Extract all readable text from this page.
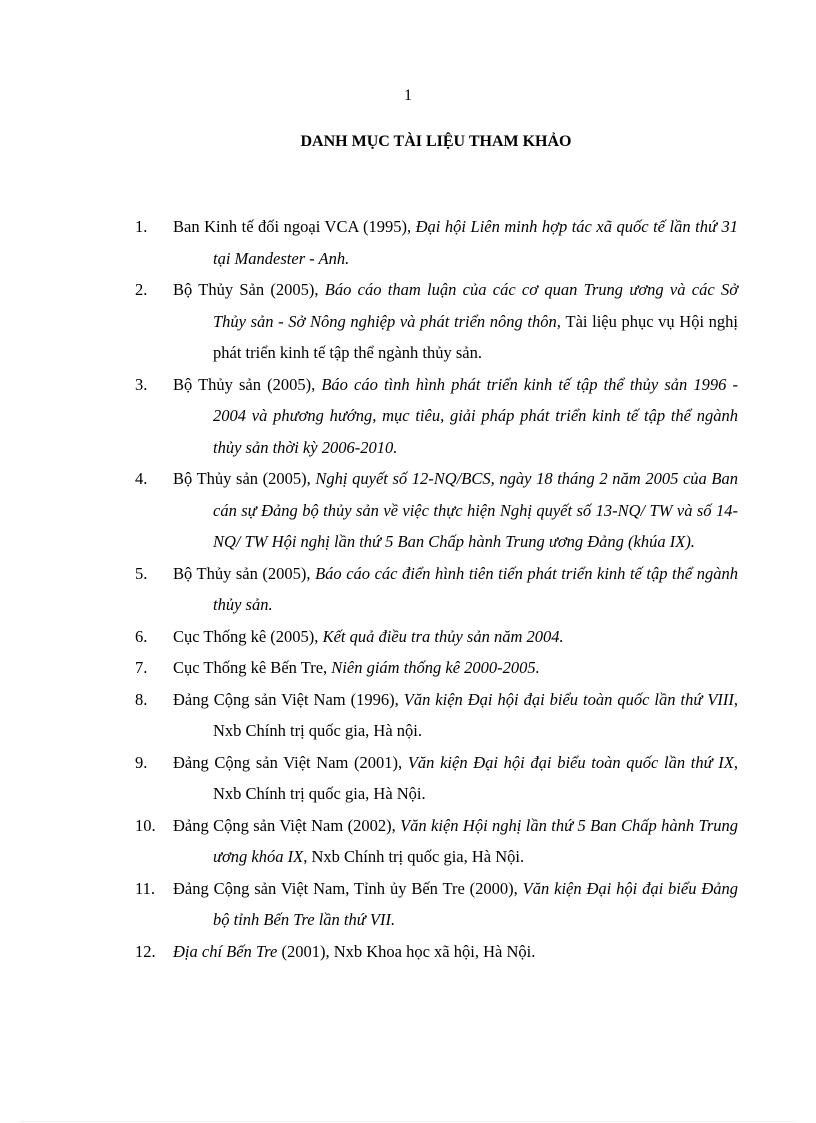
1
DANH MỤC TÀI LIỆU THAM KHẢO
1. Ban Kinh tế đối ngoại VCA (1995), Đại hội Liên minh hợp tác xã quốc tế lần thứ 31 tại Mandester - Anh.
2. Bộ Thủy Sản (2005), Báo cáo tham luận của các cơ quan Trung ương và các Sở Thủy sản - Sở Nông nghiệp và phát triển nông thôn, Tài liệu phục vụ Hội nghị phát triển kinh tế tập thể ngành thủy sản.
3. Bộ Thủy sản (2005), Báo cáo tình hình phát triển kinh tế tập thể thủy sản 1996 - 2004 và phương hướng, mục tiêu, giải pháp phát triển kinh tế tập thể ngành thủy sản thời kỳ 2006-2010.
4. Bộ Thủy sản (2005), Nghị quyết số 12-NQ/BCS, ngày 18 tháng 2 năm 2005 của Ban cán sự Đảng bộ thủy sản về việc thực hiện Nghị quyết số 13-NQ/ TW và số 14-NQ/ TW Hội nghị lần thứ 5 Ban Chấp hành Trung ương Đảng (khúa IX).
5. Bộ Thủy sản (2005), Báo cáo các điển hình tiên tiến phát triển kinh tế tập thể ngành thủy sản.
6. Cục Thống kê (2005), Kết quả điều tra thủy sản năm 2004.
7. Cục Thống kê Bến Tre, Niên giám thống kê 2000-2005.
8. Đảng Cộng sản Việt Nam (1996), Văn kiện Đại hội đại biểu toàn quốc lần thứ VIII, Nxb Chính trị quốc gia, Hà nội.
9. Đảng Cộng sản Việt Nam (2001), Văn kiện Đại hội đại biểu toàn quốc lần thứ IX, Nxb Chính trị quốc gia, Hà Nội.
10. Đảng Cộng sản Việt Nam (2002), Văn kiện Hội nghị lần thứ 5 Ban Chấp hành Trung ương khóa IX, Nxb Chính trị quốc gia, Hà Nội.
11. Đảng Cộng sản Việt Nam, Tỉnh ủy Bến Tre (2000), Văn kiện Đại hội đại biểu Đảng bộ tỉnh Bến Tre lần thứ VII.
12. Địa chí Bến Tre (2001), Nxb Khoa học xã hội, Hà Nội.
